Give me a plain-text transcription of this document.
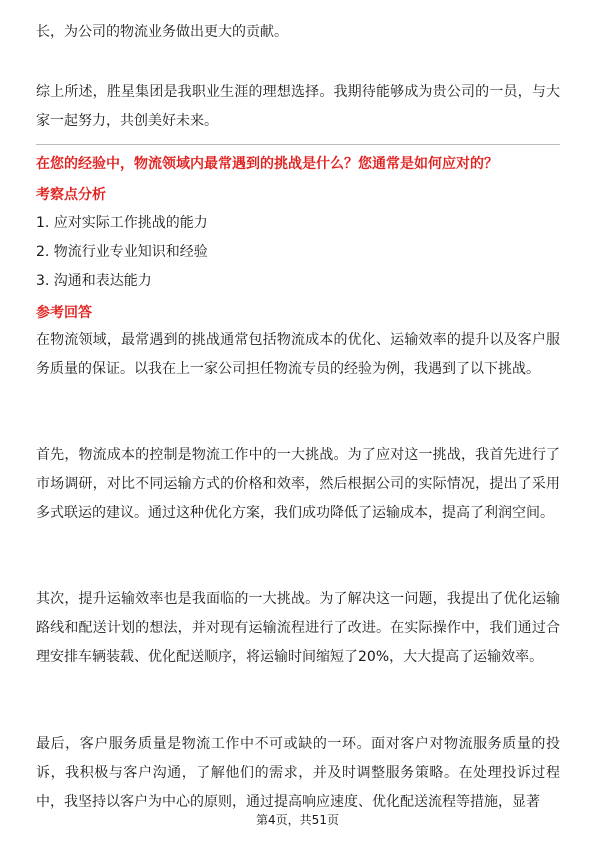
长，为公司的物流业务做出更大的贡献。

综上所述，胜星集团是我职业生涯的理想选择。我期待能够成为贵公司的一员，与大家一起努力，共创美好未来。

在您的经验中，物流领域内最常遇到的挑战是什么？您通常是如何应对的？
考察点分析
1. 应对实际工作挑战的能力
2. 物流行业专业知识和经验
3. 沟通和表达能力
参考回答

在物流领域，最常遇到的挑战通常包括物流成本的优化、运输效率的提升以及客户服务质量的保证。以我在上一家公司担任物流专员的经验为例，我遇到了以下挑战。

首先，物流成本的控制是物流工作中的一大挑战。为了应对这一挑战，我首先进行了市场调研，对比不同运输方式的价格和效率，然后根据公司的实际情况，提出了采用多式联运的建议。通过这种优化方案，我们成功降低了运输成本，提高了利润空间。

其次，提升运输效率也是我面临的一大挑战。为了解决这一问题，我提出了优化运输路线和配送计划的想法，并对现有运输流程进行了改进。在实际操作中，我们通过合理安排车辆装载、优化配送顺序，将运输时间缩短了20%，大大提高了运输效率。

最后，客户服务质量是物流工作中不可或缺的一环。面对客户对物流服务质量的投诉，我积极与客户沟通，了解他们的需求，并及时调整服务策略。在处理投诉过程中，我坚持以客户为中心的原则，通过提高响应速度、优化配送流程等措施，显著

第4页，共51页
